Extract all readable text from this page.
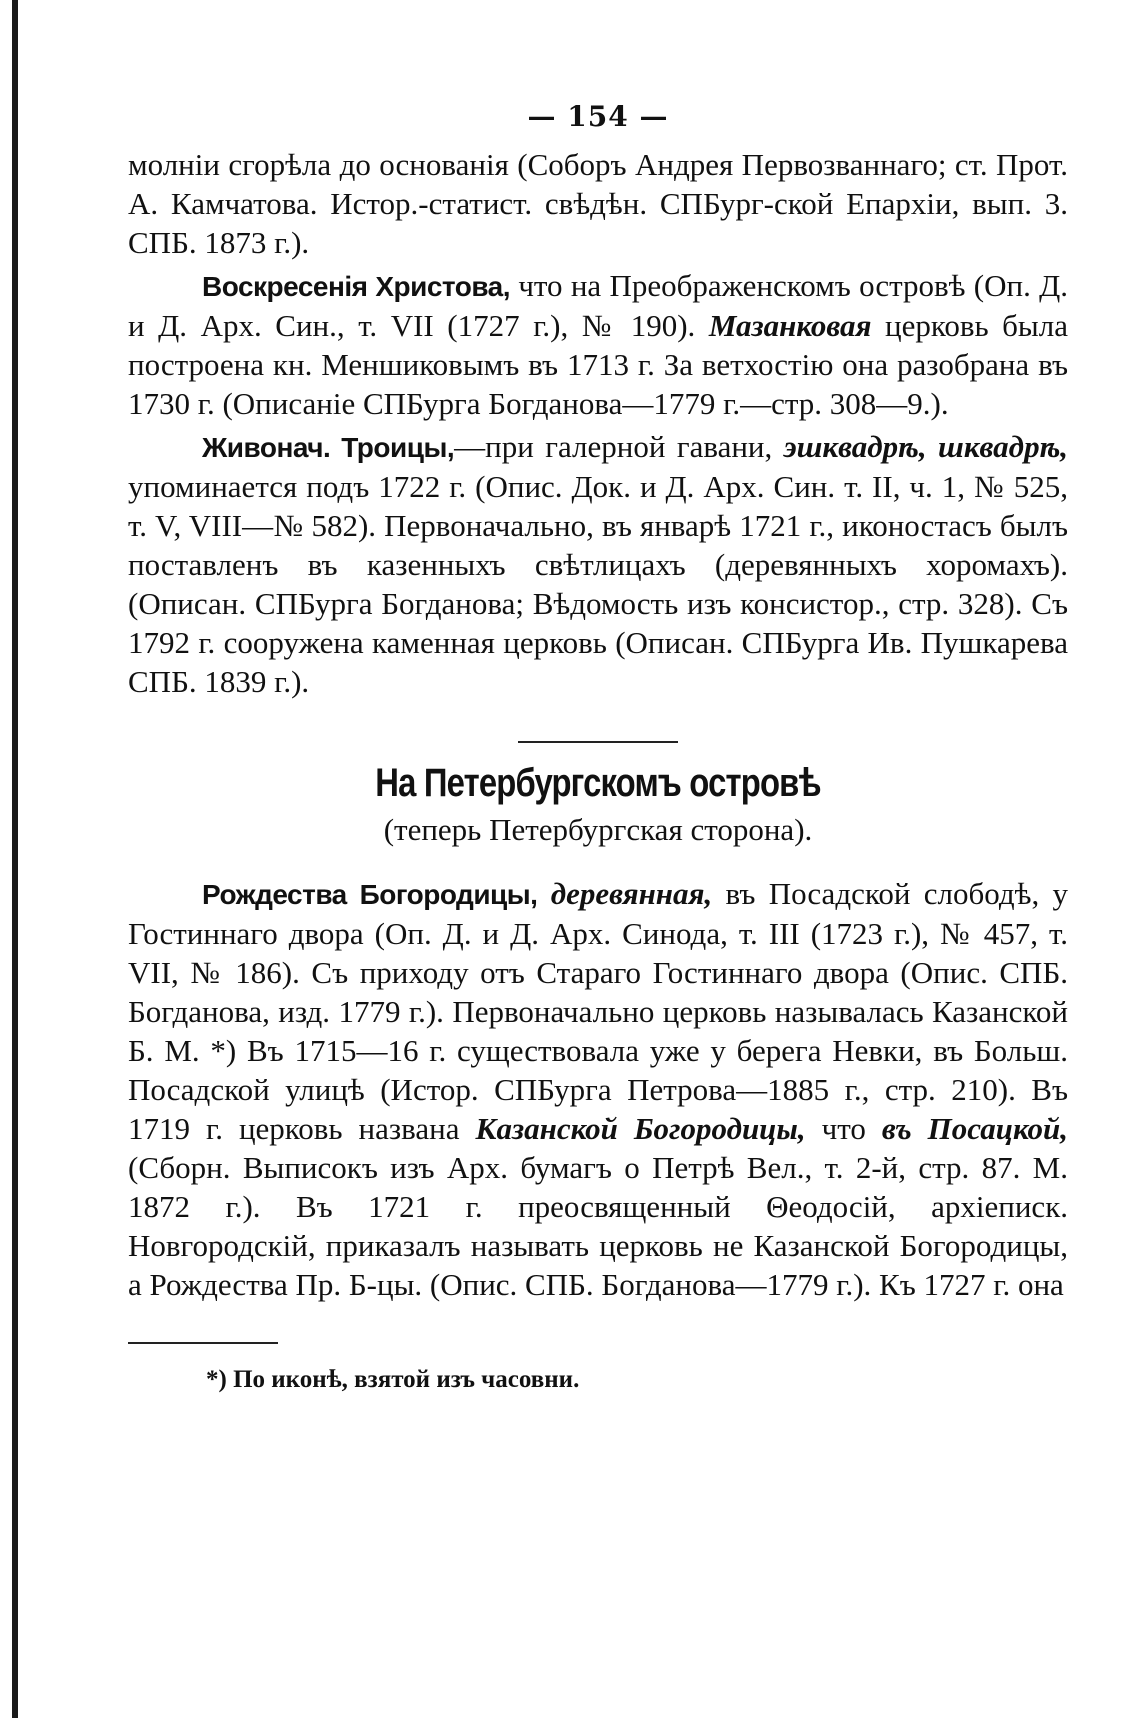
— 154 —

молніи сгорѣла до основанія (Соборъ Андрея Первозваннаго; ст. Прот. А. Камчатова. Истор.-статист. свѣдѣн. СПБург-ской Епархіи, вып. 3. СПБ. 1873 г.).

Воскресенія Христова, что на Преображенскомъ островѣ (Оп. Д. и Д. Арх. Син., т. VII (1727 г.), № 190). Мазанковая церковь была построена кн. Меншиковымъ въ 1713 г. За ветхостію она разобрана въ 1730 г. (Описаніе СПБурга Богданова—1779 г.—стр. 308—9.).

Живонач. Троицы,—при галерной гавани, эшквадрѣ, шквадрѣ, упоминается подъ 1722 г. (Опис. Док. и Д. Арх. Син. т. II, ч. 1, № 525, т. V, VIII—№ 582). Первоначально, въ январѣ 1721 г., иконостасъ былъ поставленъ въ казенныхъ свѣтлицахъ (деревянныхъ хоромахъ). (Описан. СПБурга Богданова; Вѣдомость изъ консистор., стр. 328). Съ 1792 г. сооружена каменная церковь (Описан. СПБурга Ив. Пушкарева СПБ. 1839 г.).

На Петербургскомъ островѣ
(теперь Петербургская сторона).

Рождества Богородицы, деревянная, въ Посадской слободѣ, у Гостиннаго двора (Оп. Д. и Д. Арх. Синода, т. III (1723 г.), № 457, т. VII, № 186). Съ приходу отъ Стараго Гостиннаго двора (Опис. СПБ. Богданова, изд. 1779 г.). Первоначально церковь называлась Казанской Б. М. *) Въ 1715—16 г. существовала уже у берега Невки, въ Больш. Посадской улицѣ (Истор. СПБурга Петрова—1885 г., стр. 210). Въ 1719 г. церковь названа Казанской Богородицы, что въ Посацкой, (Сборн. Выписокъ изъ Арх. бумагъ о Петрѣ Вел., т. 2-й, стр. 87. М. 1872 г.). Въ 1721 г. преосвященный Θеодосій, архіеписк. Новгородскій, приказалъ называть церковь не Казанской Богородицы, а Рождества Пр. Б-цы. (Опис. СПБ. Богданова—1779 г.). Къ 1727 г. она

*) По иконѣ, взятой изъ часовни.
